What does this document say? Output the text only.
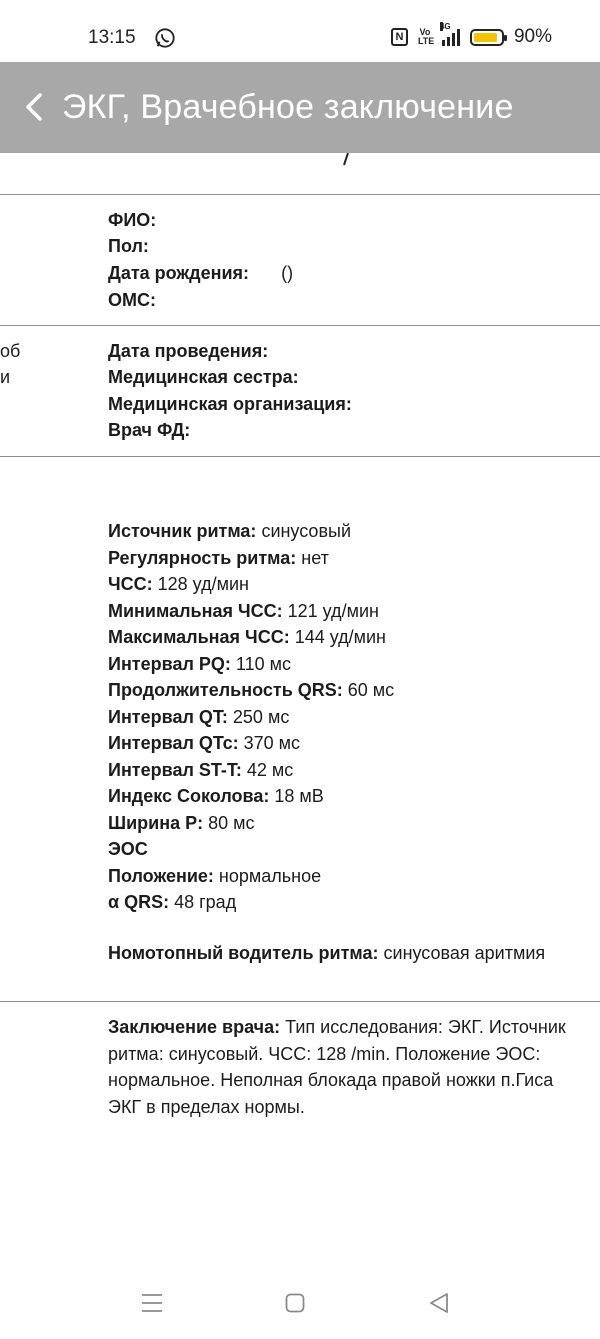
13:15	N	Vo LTE
4G	90%
ЭКГ, Врачебное заключение
ФИО:
Пол:
Дата рождения: ()
ОМС:
об
и
Дата проведения:
Медицинская сестра:
Медицинская организация:
Врач ФД:
Источник ритма: синусовый
Регулярность ритма: нет
ЧСС: 128 уд/мин
Минимальная ЧСС: 121 уд/мин
Максимальная ЧСС: 144 уд/мин
Интервал PQ: 110 мс
Продолжительность QRS: 60 мс
Интервал QT: 250 мс
Интервал QTc: 370 мс
Интервал ST-T: 42 мс
Индекс Соколова: 18 мВ
Ширина P: 80 мс
ЭОС
Положение: нормальное
α QRS: 48 град
Номотопный водитель ритма: синусовая аритмия
Заключение врача: Тип исследования: ЭКГ. Источник ритма: синусовый. ЧСС: 128 /min. Положение ЭОС: нормальное. Неполная блокада правой ножки п.Гиса ЭКГ в пределах нормы.
